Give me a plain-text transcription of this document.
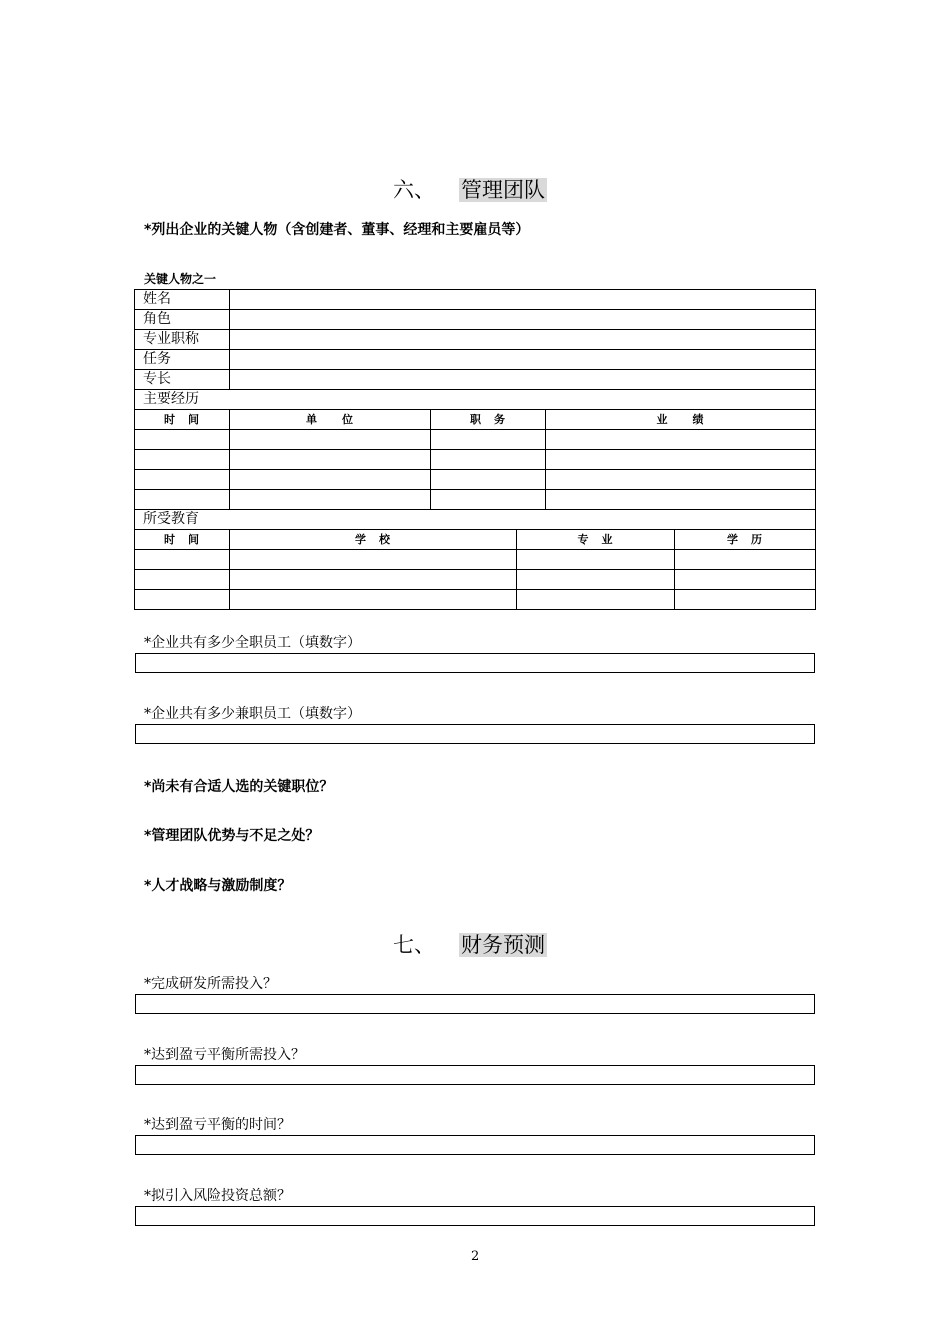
六、 管理团队
*列出企业的关键人物（含创建者、董事、经理和主要雇员等）
关键人物之一
姓名	
角色	
专业职称	
任务	
专长	
主要经历	
时　间	单　　位	职　务	业　　绩

所受教育			
时　间	学　校	专　业	学　历

*企业共有多少全职员工（填数字）
*企业共有多少兼职员工（填数字）
*尚未有合适人选的关键职位？
*管理团队优势与不足之处？
*人才战略与激励制度？
七、 财务预测
*完成研发所需投入？
*达到盈亏平衡所需投入？
*达到盈亏平衡的时间？
*拟引入风险投资总额？
2
